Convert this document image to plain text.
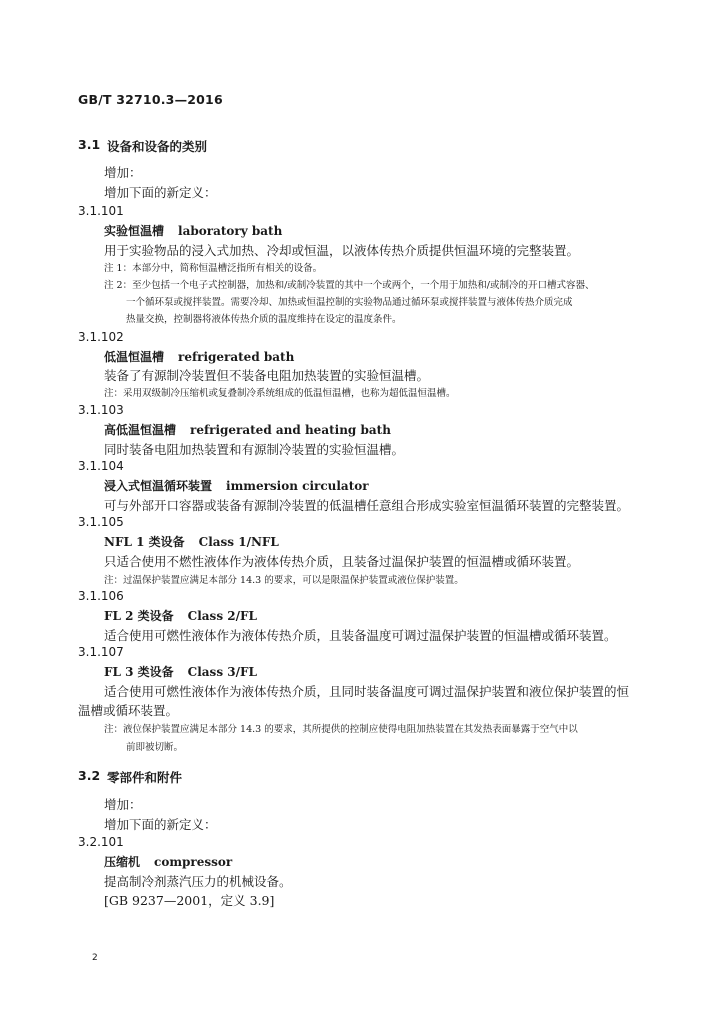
GB/T 32710.3—2016
3.1 设备和设备的类别
增加：
增加下面的新定义：
3.1.101
实验恒温槽 laboratory bath
用于实验物品的浸入式加热、冷却或恒温，以液体传热介质提供恒温环境的完整装置。
注 1：本部分中，简称恒温槽泛指所有相关的设备。
注 2：至少包括一个电子式控制器，加热和/或制冷装置的其中一个或两个，一个用于加热和/或制冷的开口槽式容器、
一个循环泵或搅拌装置。需要冷却、加热或恒温控制的实验物品通过循环泵或搅拌装置与液体传热介质完成
热量交换，控制器将液体传热介质的温度维持在设定的温度条件。
3.1.102
低温恒温槽 refrigerated bath
装备了有源制冷装置但不装备电阻加热装置的实验恒温槽。
注：采用双级制冷压缩机或复叠制冷系统组成的低温恒温槽，也称为超低温恒温槽。
3.1.103
高低温恒温槽 refrigerated and heating bath
同时装备电阻加热装置和有源制冷装置的实验恒温槽。
3.1.104
浸入式恒温循环装置 immersion circulator
可与外部开口容器或装备有源制冷装置的低温槽任意组合形成实验室恒温循环装置的完整装置。
3.1.105
NFL 1 类设备 Class 1/NFL
只适合使用不燃性液体作为液体传热介质，且装备过温保护装置的恒温槽或循环装置。
注：过温保护装置应满足本部分 14.3 的要求，可以是限温保护装置或液位保护装置。
3.1.106
FL 2 类设备 Class 2/FL
适合使用可燃性液体作为液体传热介质，且装备温度可调过温保护装置的恒温槽或循环装置。
3.1.107
FL 3 类设备 Class 3/FL
适合使用可燃性液体作为液体传热介质，且同时装备温度可调过温保护装置和液位保护装置的恒
温槽或循环装置。
注：液位保护装置应满足本部分 14.3 的要求，其所提供的控制应使得电阻加热装置在其发热表面暴露于空气中以
前即被切断。
3.2 零部件和附件
增加：
增加下面的新定义：
3.2.101
压缩机 compressor
提高制冷剂蒸汽压力的机械设备。
[GB 9237—2001，定义 3.9]
2
